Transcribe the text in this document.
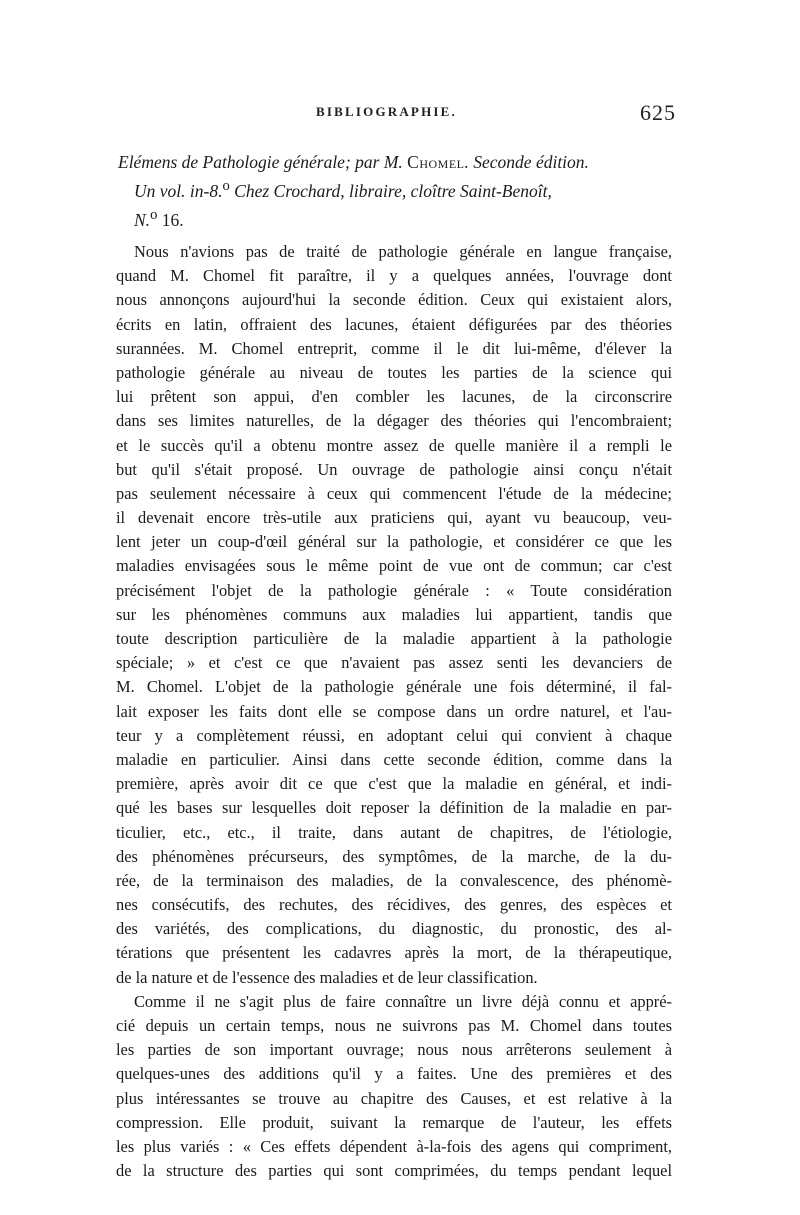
BIBLIOGRAPHIE.	625
Elémens de Pathologie générale; par M. Chomel. Seconde édition.
Un vol. in-8.$^o$ Chez Crochard, libraire, cloître Saint-Benoît,
N.$^o$ 16.
Nous n'avions pas de traité de pathologie générale en langue française,
quand M. Chomel fit paraître, il y a quelques années, l'ouvrage dont
nous annonçons aujourd'hui la seconde édition. Ceux qui existaient alors,
écrits en latin, offraient des lacunes, étaient défigurées par des théories
surannées. M. Chomel entreprit, comme il le dit lui-même, d'élever la
pathologie générale au niveau de toutes les parties de la science qui
lui prêtent son appui, d'en combler les lacunes, de la circonscrire
dans ses limites naturelles, de la dégager des théories qui l'encombraient;
et le succès qu'il a obtenu montre assez de quelle manière il a rempli le
but qu'il s'était proposé. Un ouvrage de pathologie ainsi conçu n'était
pas seulement nécessaire à ceux qui commencent l'étude de la médecine;
il devenait encore très-utile aux praticiens qui, ayant vu beaucoup, veu-
lent jeter un coup-d'œil général sur la pathologie, et considérer ce que les
maladies envisagées sous le même point de vue ont de commun; car c'est
précisément l'objet de la pathologie générale : « Toute considération
sur les phénomènes communs aux maladies lui appartient, tandis que
toute description particulière de la maladie appartient à la pathologie
spéciale; » et c'est ce que n'avaient pas assez senti les devanciers de
M. Chomel. L'objet de la pathologie générale une fois déterminé, il fal-
lait exposer les faits dont elle se compose dans un ordre naturel, et l'au-
teur y a complètement réussi, en adoptant celui qui convient à chaque
maladie en particulier. Ainsi dans cette seconde édition, comme dans la
première, après avoir dit ce que c'est que la maladie en général, et indi-
qué les bases sur lesquelles doit reposer la définition de la maladie en par-
ticulier, etc., etc., il traite, dans autant de chapitres, de l'étiologie,
des phénomènes précurseurs, des symptômes, de la marche, de la du-
rée, de la terminaison des maladies, de la convalescence, des phénomè-
nes consécutifs, des rechutes, des récidives, des genres, des espèces et
des variétés, des complications, du diagnostic, du pronostic, des al-
térations que présentent les cadavres après la mort, de la thérapeutique,
de la nature et de l'essence des maladies et de leur classification.
Comme il ne s'agit plus de faire connaître un livre déjà connu et appré-
cié depuis un certain temps, nous ne suivrons pas M. Chomel dans toutes
les parties de son important ouvrage; nous nous arrêterons seulement à
quelques-unes des additions qu'il y a faites. Une des premières et des
plus intéressantes se trouve au chapitre des Causes, et est relative à la
compression. Elle produit, suivant la remarque de l'auteur, les effets
les plus variés : « Ces effets dépendent à-la-fois des agens qui compriment,
de la structure des parties qui sont comprimées, du temps pendant lequel
